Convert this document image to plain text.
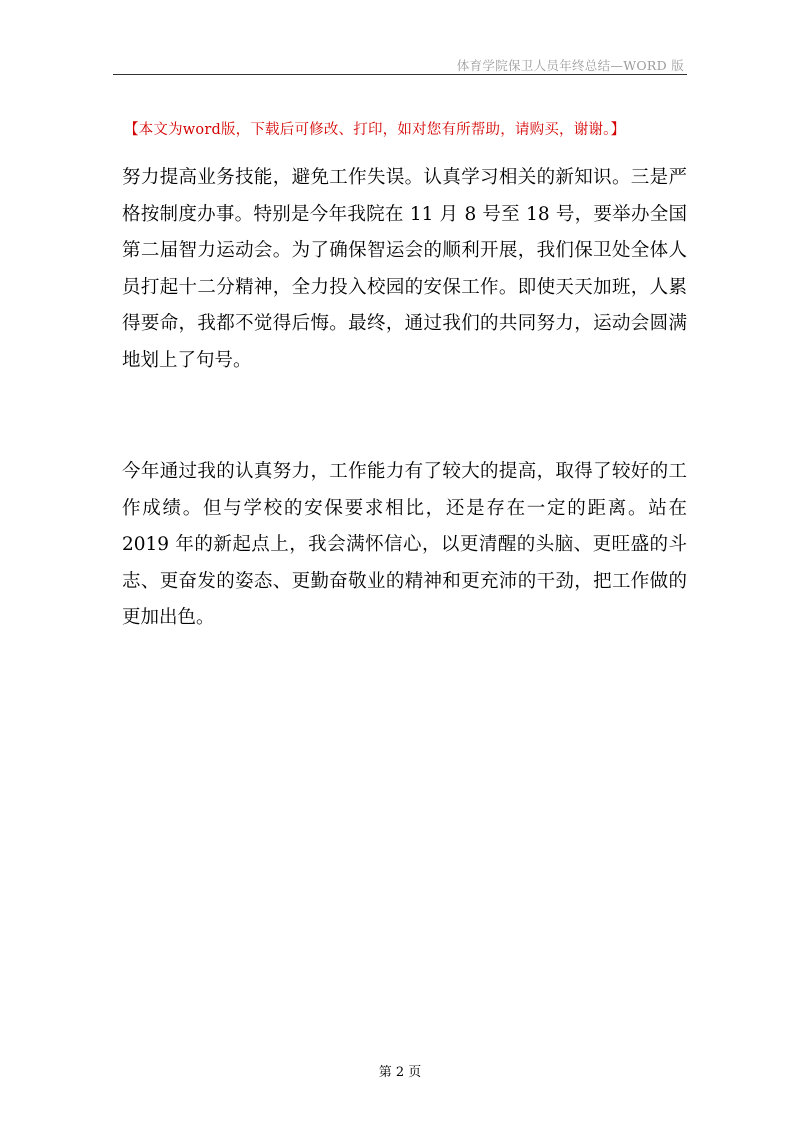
体育学院保卫人员年终总结—WORD 版
【本文为word版，下载后可修改、打印，如对您有所帮助，请购买，谢谢。】

努力提高业务技能，避免工作失误。认真学习相关的新知识。三是严格按制度办事。特别是今年我院在 11 月 8 号至 18 号，要举办全国第二届智力运动会。为了确保智运会的顺利开展，我们保卫处全体人员打起十二分精神，全力投入校园的安保工作。即使天天加班，人累得要命，我都不觉得后悔。最终，通过我们的共同努力，运动会圆满地划上了句号。

今年通过我的认真努力，工作能力有了较大的提高，取得了较好的工作成绩。但与学校的安保要求相比，还是存在一定的距离。站在 2019 年的新起点上，我会满怀信心，以更清醒的头脑、更旺盛的斗志、更奋发的姿态、更勤奋敬业的精神和更充沛的干劲，把工作做的更加出色。

第 2 页
